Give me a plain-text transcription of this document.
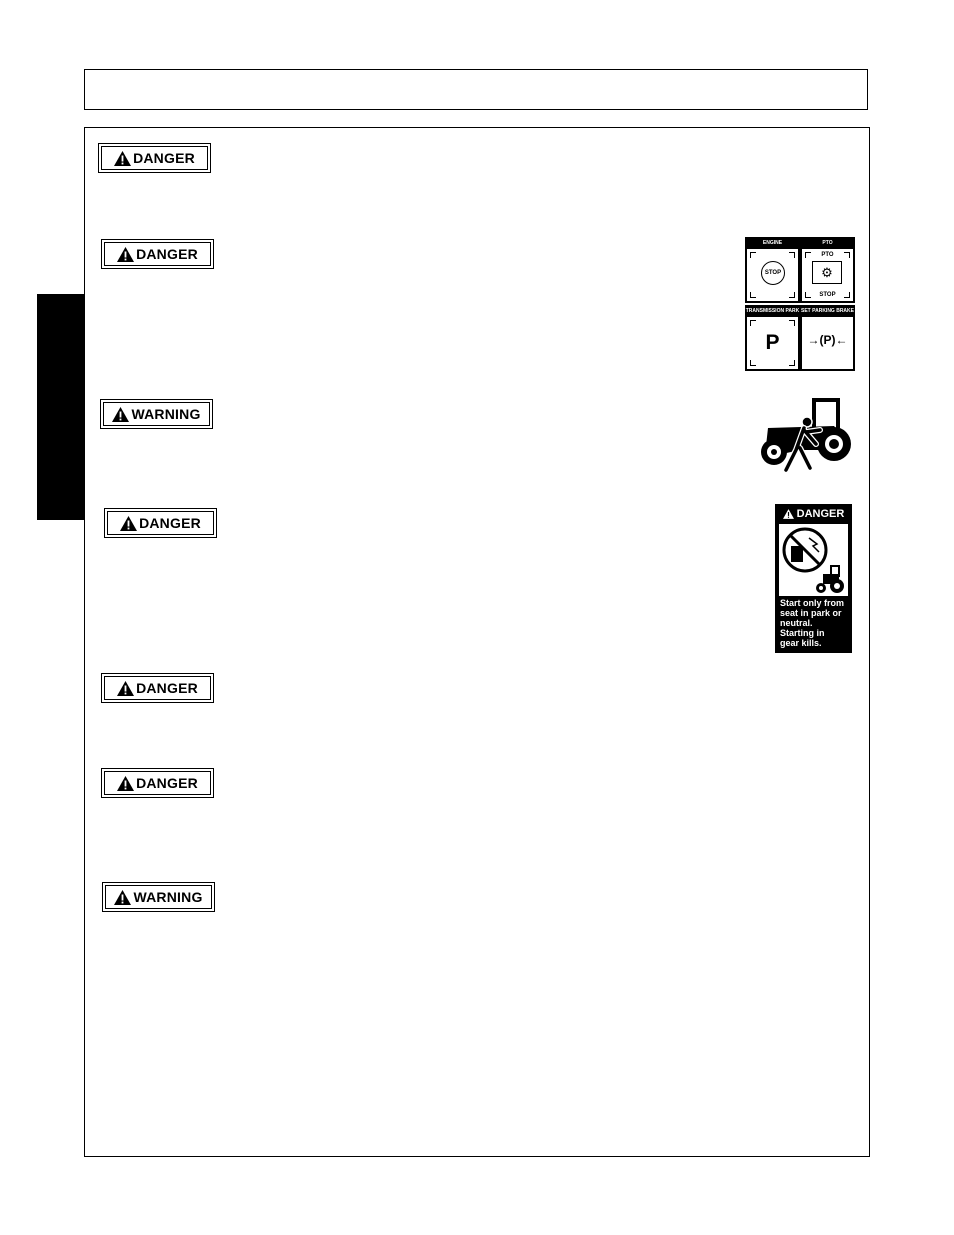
DANGER
DANGER
WARNING
DANGER
DANGER
DANGER
WARNING
ENGINE
STOP
PTO
PTO
⚙
STOP
TRANSMISSION PARK
P
SET PARKING BRAKE
→(P)←
DANGER
Start only from
seat in park or
neutral.
Starting in
gear kills.
